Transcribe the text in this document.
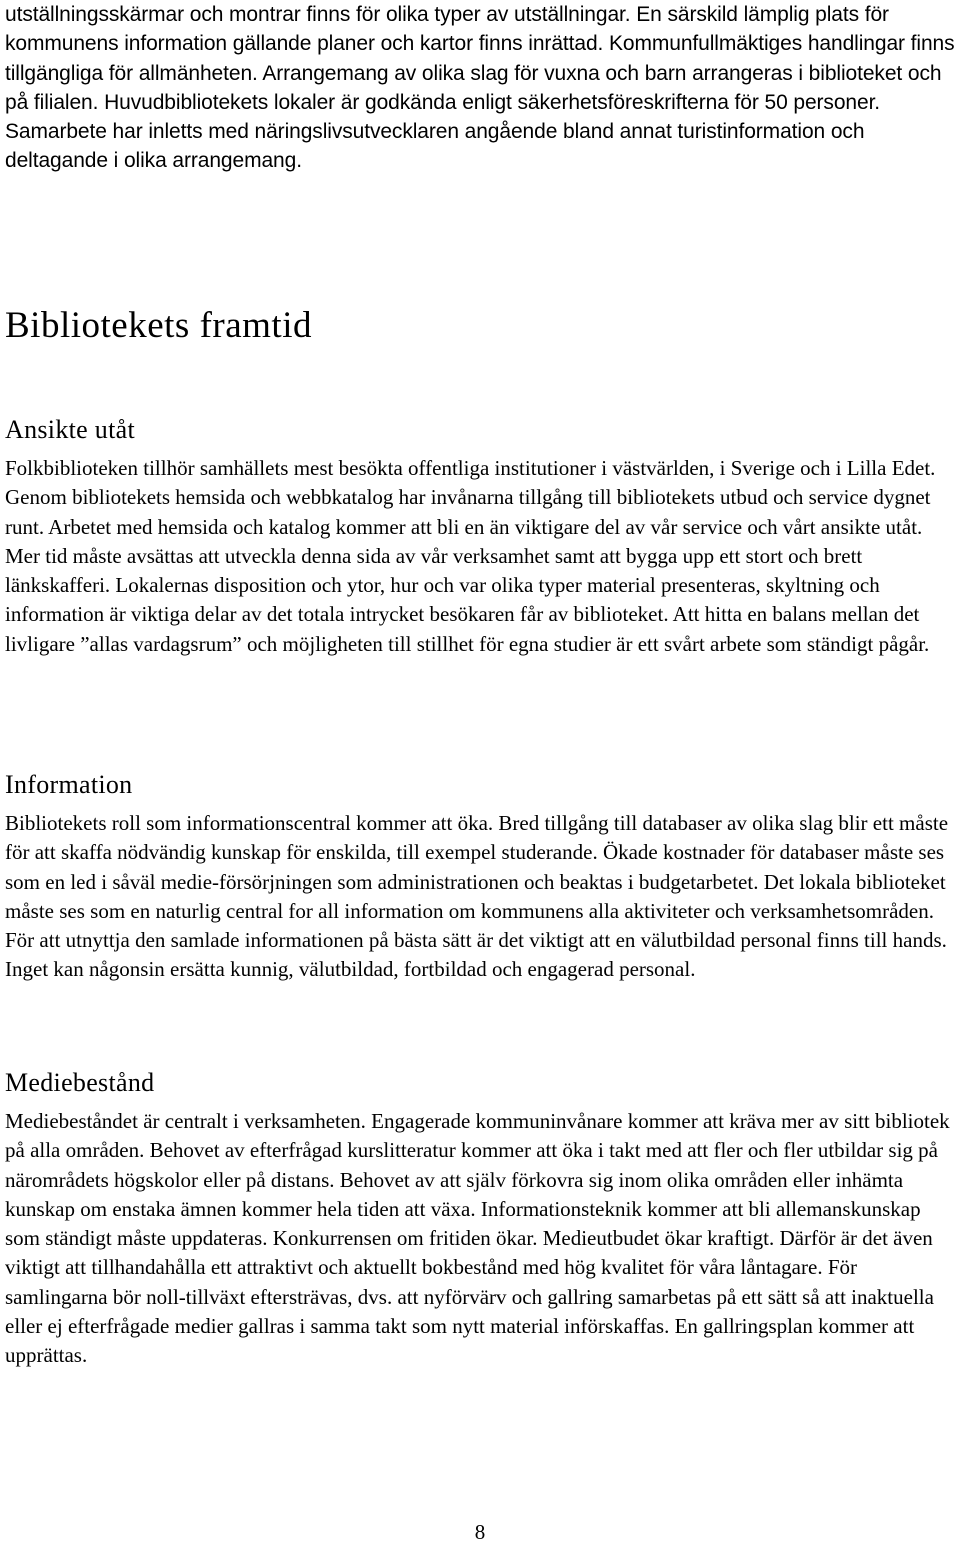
utställningsskärmar och montrar finns för olika typer av utställningar. En särskild lämplig plats för kommunens information gällande planer och kartor finns inrättad. Kommunfullmäktiges handlingar finns tillgängliga för allmänheten. Arrangemang av olika slag för vuxna och barn arrangeras i biblioteket och på filialen. Huvudbibliotekets lokaler är godkända enligt säkerhetsföreskrifterna för 50 personer. Samarbete har inletts med näringslivsutvecklaren angående bland annat turistinformation och deltagande i olika arrangemang.

Bibliotekets framtid
Ansikte utåt

Folkbiblioteken tillhör samhällets mest besökta offentliga institutioner i västvärlden, i Sverige och i Lilla Edet. Genom bibliotekets hemsida och webbkatalog har invånarna tillgång till bibliotekets utbud och service dygnet runt. Arbetet med hemsida och katalog kommer att bli en än viktigare del av vår service och vårt ansikte utåt. Mer tid måste avsättas att utveckla denna sida av vår verksamhet samt att bygga upp ett stort och brett länkskafferi. Lokalernas disposition och ytor, hur och var olika typer material presenteras, skyltning och information är viktiga delar av det totala intrycket besökaren får av biblioteket. Att hitta en balans mellan det livligare ”allas vardagsrum” och möjligheten till stillhet för egna studier är ett svårt arbete som ständigt pågår.

Information

Bibliotekets roll som informationscentral kommer att öka. Bred tillgång till databaser av olika slag blir ett måste för att skaffa nödvändig kunskap för enskilda, till exempel studerande. Ökade kostnader för databaser måste ses som en led i såväl medie-försörjningen som administrationen och beaktas i budgetarbetet. Det lokala biblioteket måste ses som en naturlig central for all information om kommunens alla aktiviteter och verksamhetsområden. För att utnyttja den samlade informationen på bästa sätt är det viktigt att en välutbildad personal finns till hands. Inget kan någonsin ersätta kunnig, välutbildad, fortbildad och engagerad personal.

Mediebestånd

Mediebeståndet är centralt i verksamheten. Engagerade kommuninvånare kommer att kräva mer av sitt bibliotek på alla områden. Behovet av efterfrågad kurslitteratur kommer att öka i takt med att fler och fler utbildar sig på närområdets högskolor eller på distans. Behovet av att själv förkovra sig inom olika områden eller inhämta kunskap om enstaka ämnen kommer hela tiden att växa. Informationsteknik kommer att bli allemanskunskap som ständigt måste uppdateras. Konkurrensen om fritiden ökar. Medieutbudet ökar kraftigt. Därför är det även viktigt att tillhandahålla ett attraktivt och aktuellt bokbestånd med hög kvalitet för våra låntagare. För samlingarna bör noll-tillväxt eftersträvas, dvs. att nyförvärv och gallring samarbetas på ett sätt så att inaktuella eller ej efterfrågade medier gallras i samma takt som nytt material införskaffas. En gallringsplan kommer att upprättas.

8
